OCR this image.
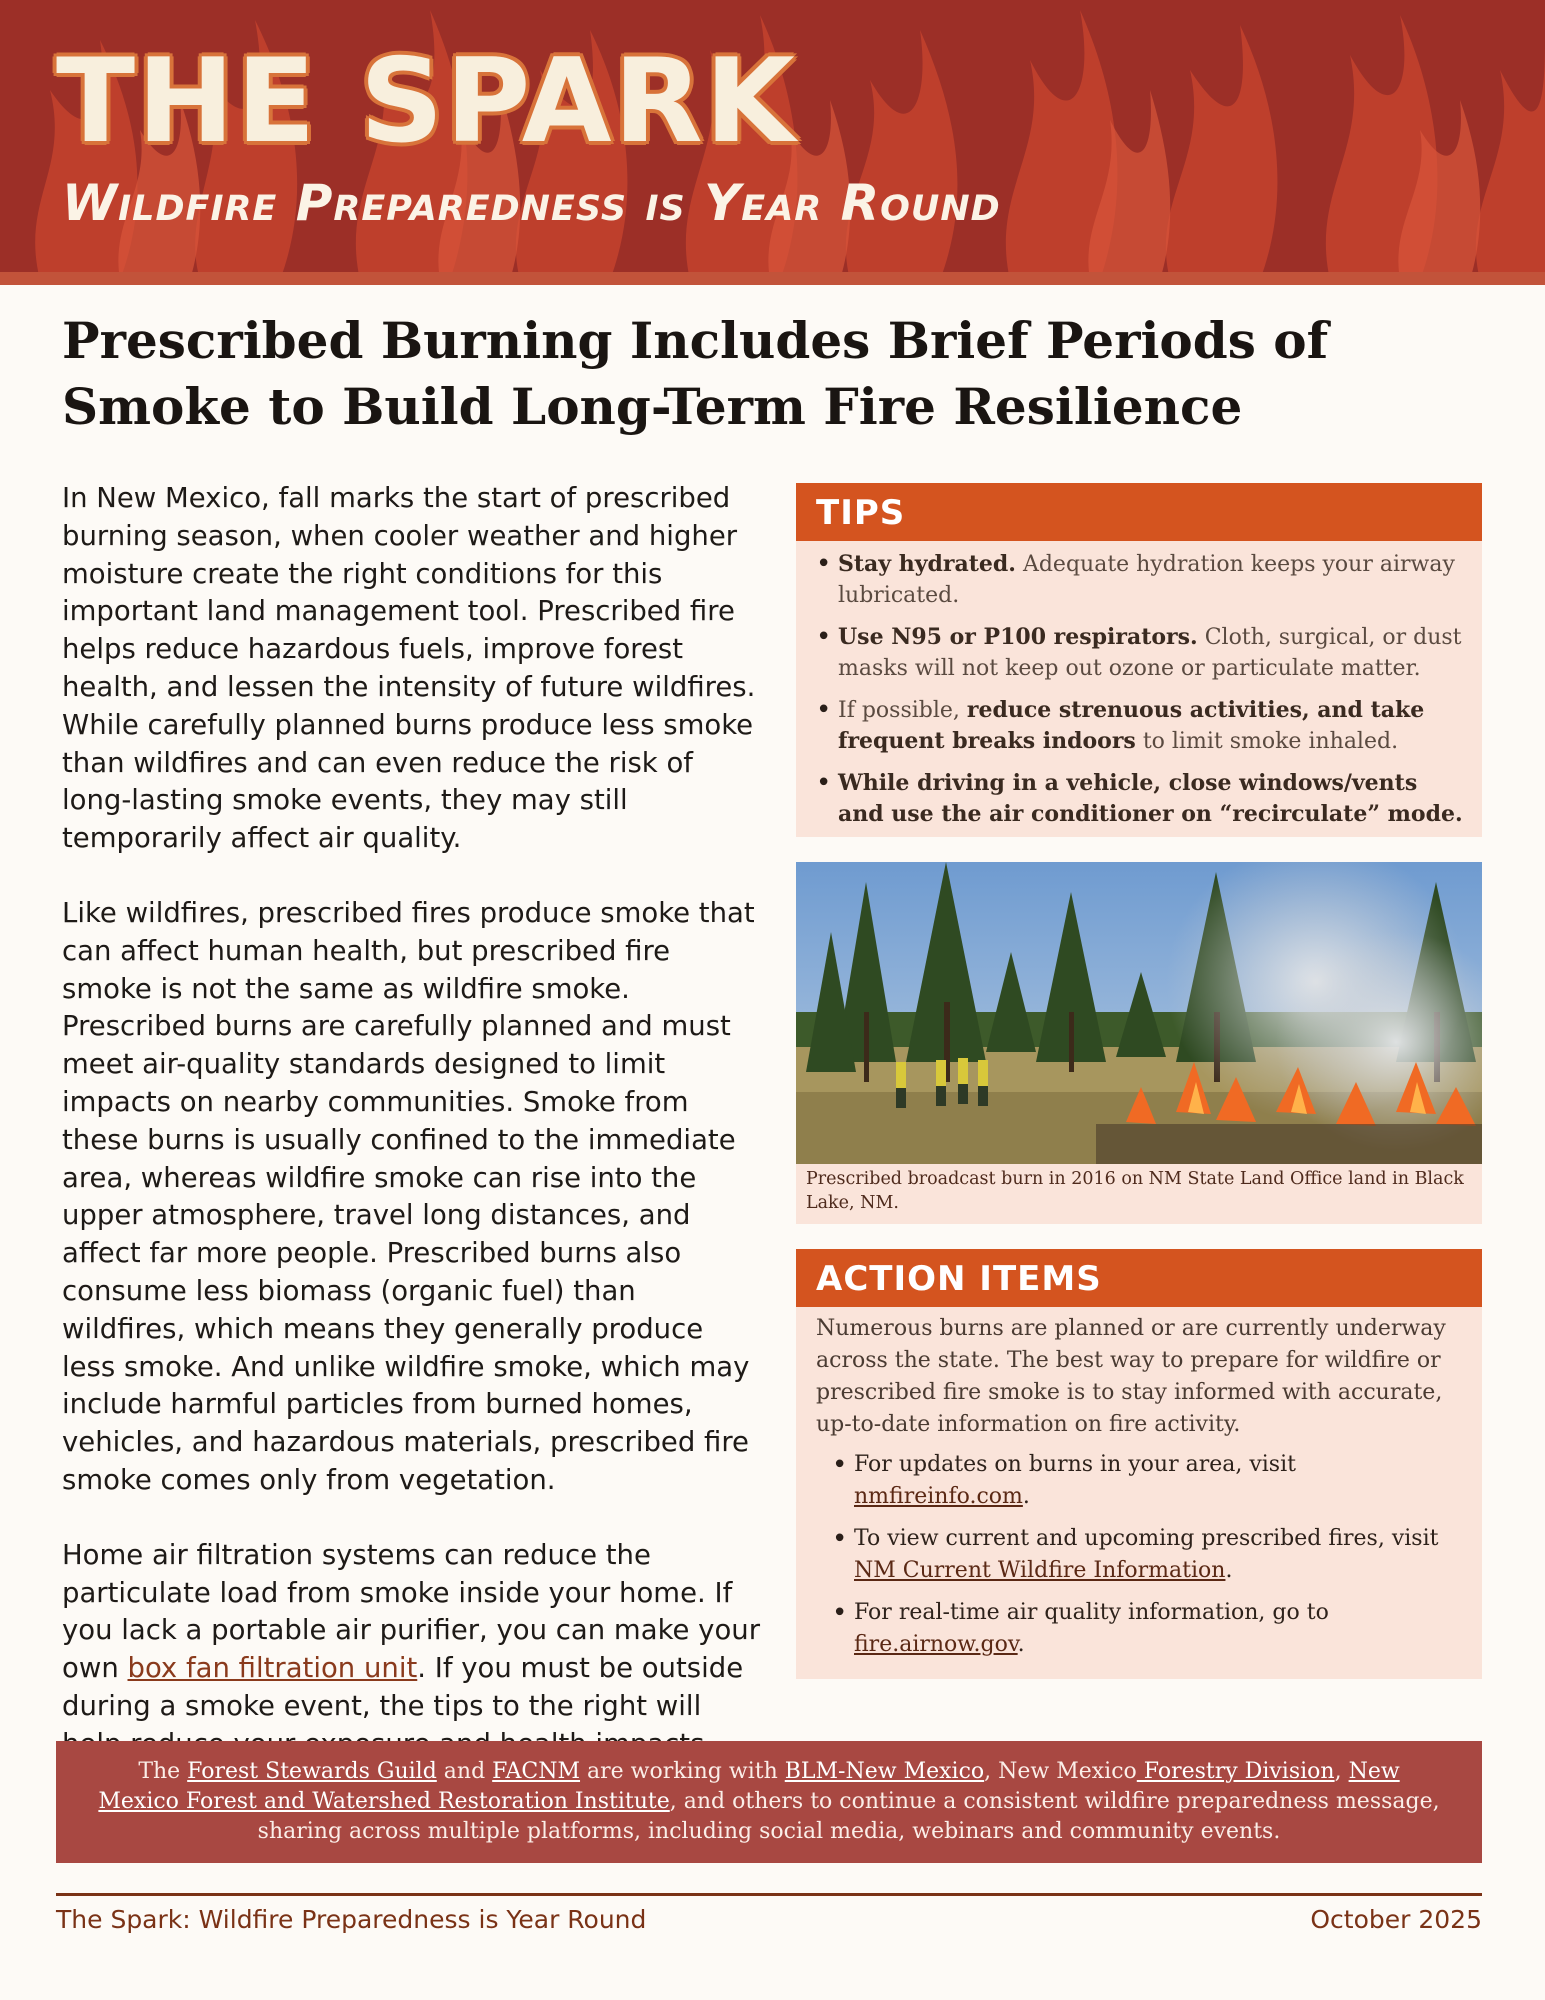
THE SPARK
Wildfire Preparedness is Year Round
Prescribed Burning Includes Brief Periods of Smoke to Build Long-Term Fire Resilience

In New Mexico, fall marks the start of prescribed burning season, when cooler weather and higher moisture create the right conditions for this important land management tool. Prescribed fire helps reduce hazardous fuels, improve forest health, and lessen the intensity of future wildfires. While carefully planned burns produce less smoke than wildfires and can even reduce the risk of long-lasting smoke events, they may still temporarily affect air quality.

Like wildfires, prescribed fires produce smoke that can affect human health, but prescribed fire smoke is not the same as wildfire smoke. Prescribed burns are carefully planned and must meet air-quality standards designed to limit impacts on nearby communities. Smoke from these burns is usually confined to the immediate area, whereas wildfire smoke can rise into the upper atmosphere, travel long distances, and affect far more people. Prescribed burns also consume less biomass (organic fuel) than wildfires, which means they generally produce less smoke. And unlike wildfire smoke, which may include harmful particles from burned homes, vehicles, and hazardous materials, prescribed fire smoke comes only from vegetation.

Home air filtration systems can reduce the particulate load from smoke inside your home. If you lack a portable air purifier, you can make your own box fan filtration unit. If you must be outside during a smoke event, the tips to the right will

TIPS
• Stay hydrated. Adequate hydration keeps your airway lubricated.
• Use N95 or P100 respirators. Cloth, surgical, or dust masks will not keep out ozone or particulate matter.
• If possible, reduce strenuous activities, and take frequent breaks indoors to limit smoke inhaled.
• While driving in a vehicle, close windows/vents and use the air conditioner on “recirculate” mode.
Prescribed broadcast burn in 2016 on NM State Land Office land in Black Lake, NM.
ACTION ITEMS

Numerous burns are planned or are currently underway across the state. The best way to prepare for wildfire or prescribed fire smoke is to stay informed with accurate, up-to-date information on fire activity.

• For updates on burns in your area, visit nmfireinfo.com.
• To view current and upcoming prescribed fires, visit NM Current Wildfire Information.
• For real-time air quality information, go to fire.airnow.gov.
The Forest Stewards Guild and FACNM are working with BLM-New Mexico, New Mexico Forestry Division, New Mexico Forest and Watershed Restoration Institute, and others to continue a consistent wildfire preparedness message, sharing across multiple platforms, including social media, webinars and community events.
The Spark: Wildfire Preparedness is Year Round	October 2025
